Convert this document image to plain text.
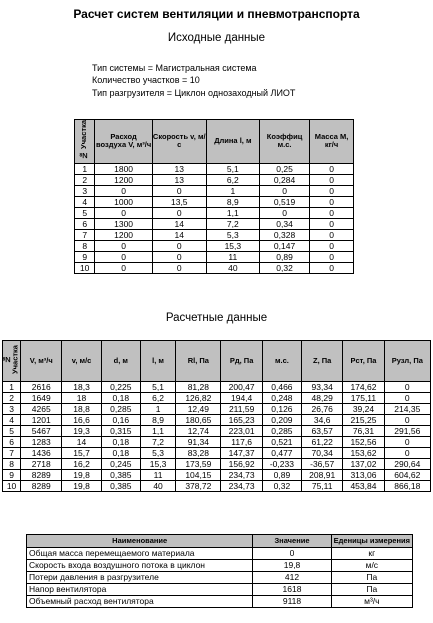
Расчет систем вентиляции и пневмотранспорта
Исходные данные
Тип системы = Магистральная система
Количество участков = 10
Тип разгрузителя = Циклон однозаходный ЛИОТ
№ Участка	Расход воздуха V, м³/ч	Скорость v, м/с	Длина l, м	Коэффиц м.с.	Масса М, кг/ч
1	1800	13	5,1	0,25	0
2	1200	13	6,2	0,284	0
3	0	0	1	0	0
4	1000	13,5	8,9	0,519	0
5	0	0	1,1	0	0
6	1300	14	7,2	0,34	0
7	1200	14	5,3	0,328	0
8	0	0	15,3	0,147	0
9	0	0	11	0,89	0
10	0	0	40	0,32	0
Расчетные данные
№ Участка	V, м³/ч	v, м/с	d, м	l, м	Rl, Па	Pд, Па	м.с.	Z, Па	Pст, Па	Pузл, Па
1	2616	18,3	0,225	5,1	81,28	200,47	0,466	93,34	174,62	0
2	1649	18	0,18	6,2	126,82	194,4	0,248	48,29	175,11	0
3	4265	18,8	0,285	1	12,49	211,59	0,126	26,76	39,24	214,35
4	1201	16,6	0,16	8,9	180,65	165,23	0,209	34,6	215,25	0
5	5467	19,3	0,315	1,1	12,74	223,01	0,285	63,57	76,31	291,56
6	1283	14	0,18	7,2	91,34	117,6	0,521	61,22	152,56	0
7	1436	15,7	0,18	5,3	83,28	147,37	0,477	70,34	153,62	0
8	2718	16,2	0,245	15,3	173,59	156,92	-0,233	-36,57	137,02	290,64
9	8289	19,8	0,385	11	104,15	234,73	0,89	208,91	313,06	604,62
10	8289	19,8	0,385	40	378,72	234,73	0,32	75,11	453,84	866,18
Наименование	Значение	Еденицы измерения
Общая масса перемещаемого материала	0	кг
Скорость входа воздушного потока в циклон	19,8	м/с
Потери давления в разгрузителе	412	Па
Напор вентилятора	1618	Па
Объемный расход вентилятора	9118	м³/ч
